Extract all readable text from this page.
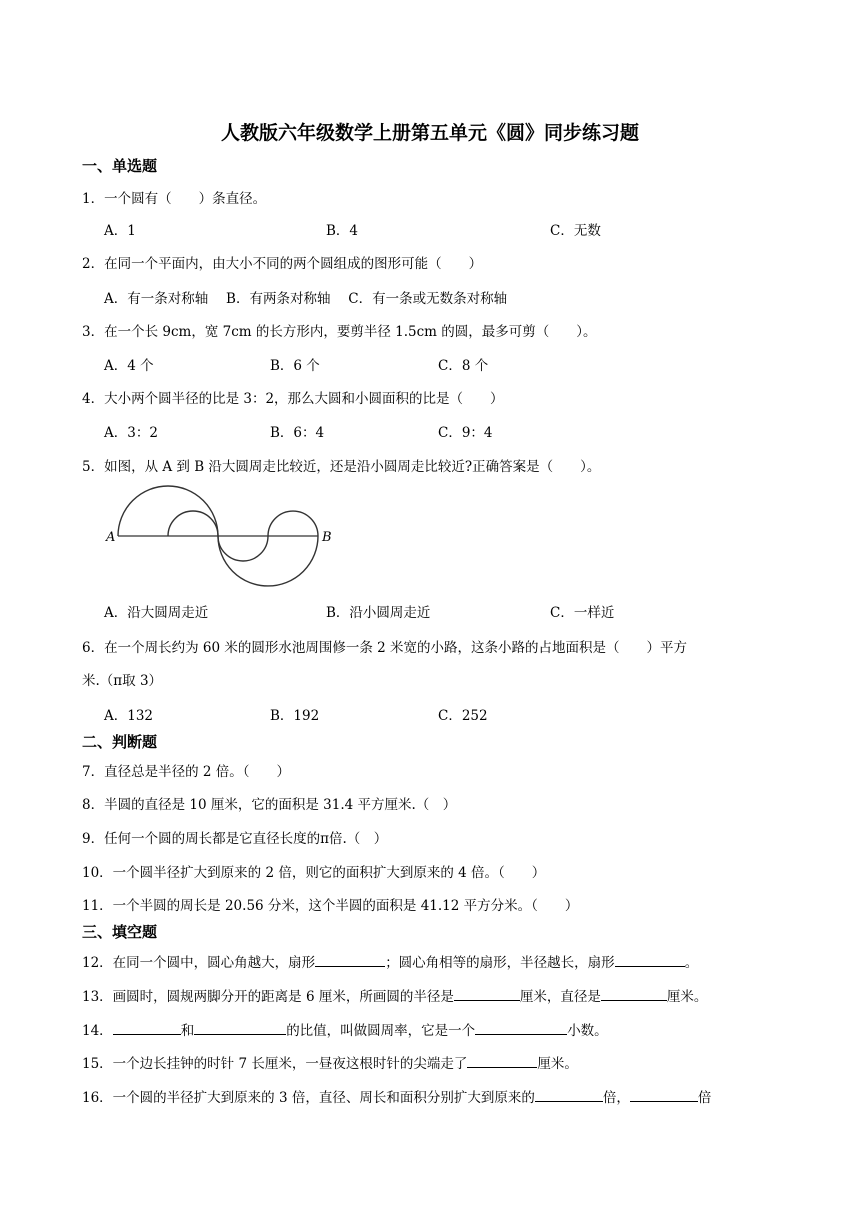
人教版六年级数学上册第五单元《圆》同步练习题
一、单选题
1．一个圆有（　　）条直径。
A．1	B．4	C．无数
2．在同一个平面内，由大小不同的两个圆组成的图形可能（　　）
A．有一条对称轴　 B．有两条对称轴　 C．有一条或无数条对称轴
3．在一个长 9cm，宽 7cm 的长方形内，要剪半径 1.5cm 的圆，最多可剪（　　）。
A．4 个	B．6 个	C．8 个
4．大小两个圆半径的比是 3：2，那么大圆和小圆面积的比是（　　）
A．3：2	B．6：4	C．9：4
5．如图，从 A 到 B 沿大圆周走比较近，还是沿小圆周走比较近?正确答案是（　　）。
A	B
A．沿大圆周走近	B．沿小圆周走近	C．一样近
6．在一个周长约为 60 米的圆形水池周围修一条 2 米宽的小路，这条小路的占地面积是（　　）平方
米.（π取 3）
A．132	B．192	C．252
二、判断题
7．直径总是半径的 2 倍。（　　）
8．半圆的直径是 10 厘米，它的面积是 31.4 平方厘米.（　）
9．任何一个圆的周长都是它直径长度的π倍.（　）
10．一个圆半径扩大到原来的 2 倍，则它的面积扩大到原来的 4 倍。（　　）
11．一个半圆的周长是 20.56 分米，这个半圆的面积是 41.12 平方分米。（　　）
三、填空题
12．在同一个圆中，圆心角越大，扇形	；圆心角相等的扇形，半径越长，扇形	。
13．画圆时，圆规两脚分开的距离是 6 厘米，所画圆的半径是	厘米，直径是	厘米。
14．	和	的比值，叫做圆周率，它是一个	小数。
15．一个边长挂钟的时针 7 长厘米，一昼夜这根时针的尖端走了	厘米。
16．一个圆的半径扩大到原来的 3 倍，直径、周长和面积分别扩大到原来的	倍，	倍
